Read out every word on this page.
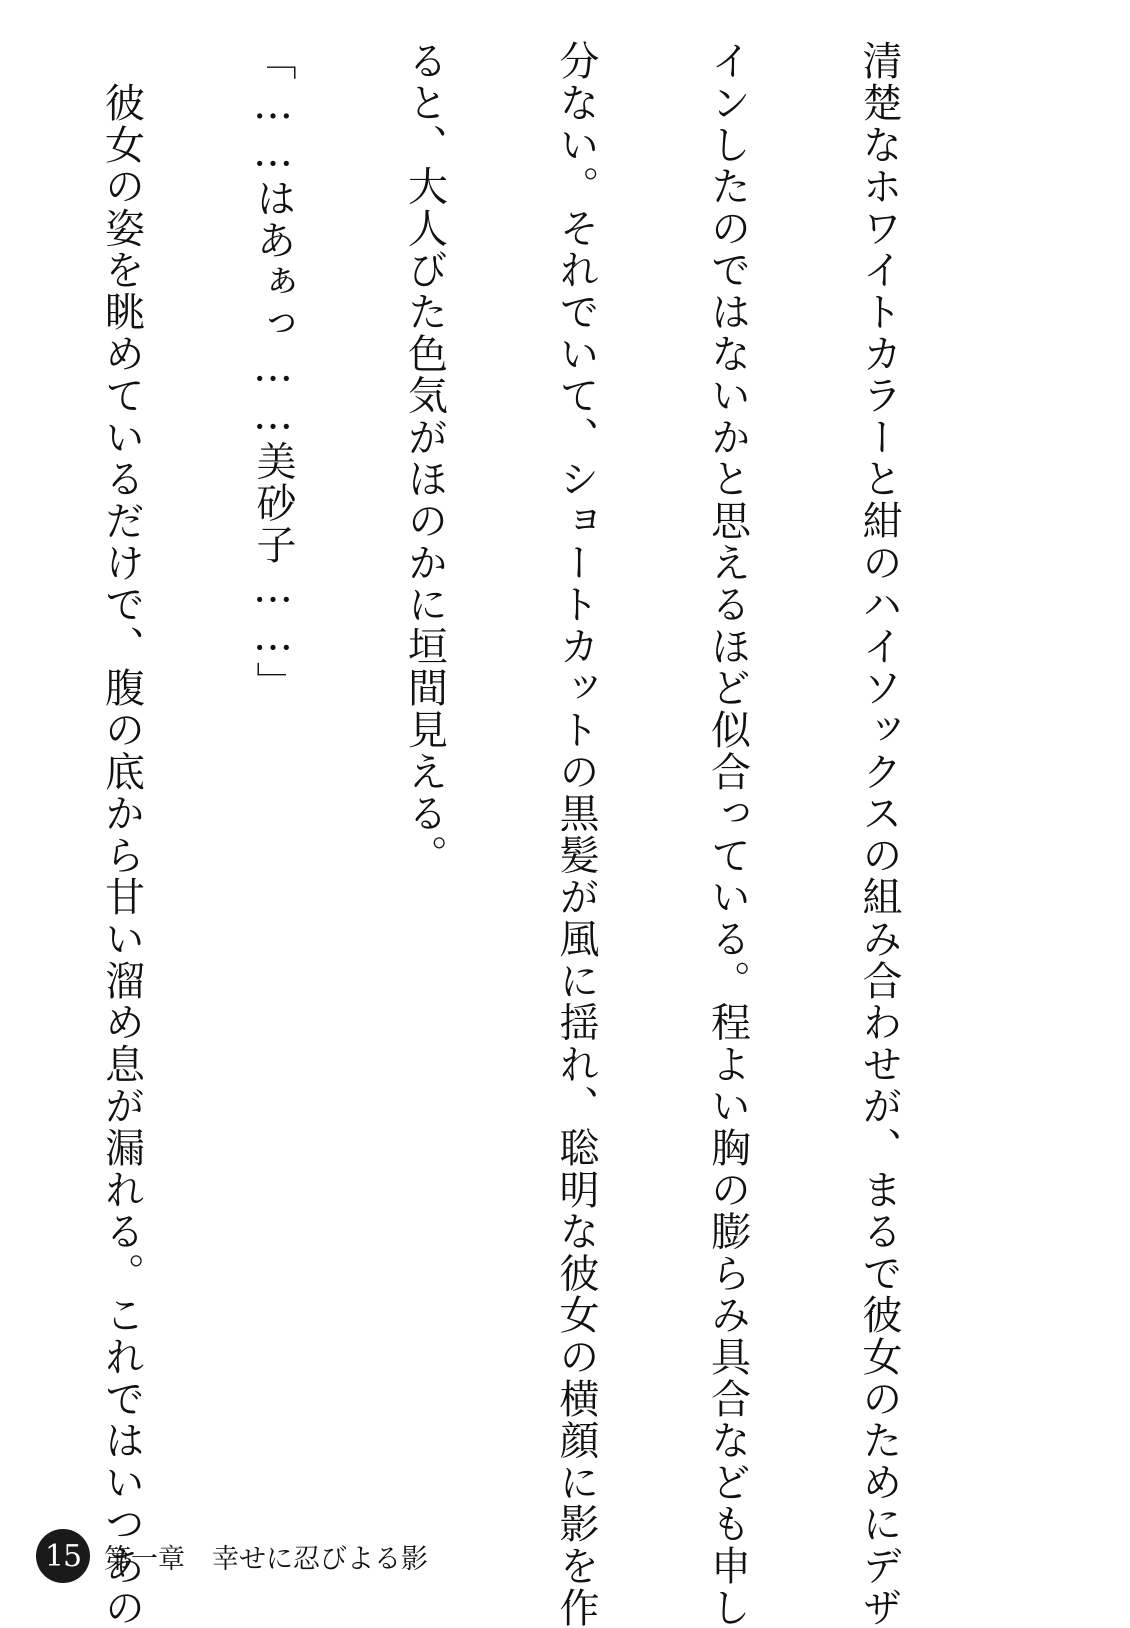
清楚なホワイトカラーと紺のハイソックスの組み合わせが、まるで彼女のためにデザ

インしたのではないかと思えるほど似合っている。程よい胸の膨らみ具合なども申し

分ない。それでいて、ショートカットの黒髪が風に揺れ、聡明な彼女の横顔に影を作

ると、大人びた色気がほのかに垣間見える。

「……はあぁっ……美砂子……」

　彼女の姿を眺めているだけで、腹の底から甘い溜め息が漏れる。これではいつあの

15 第一章　幸せに忍びよる影
